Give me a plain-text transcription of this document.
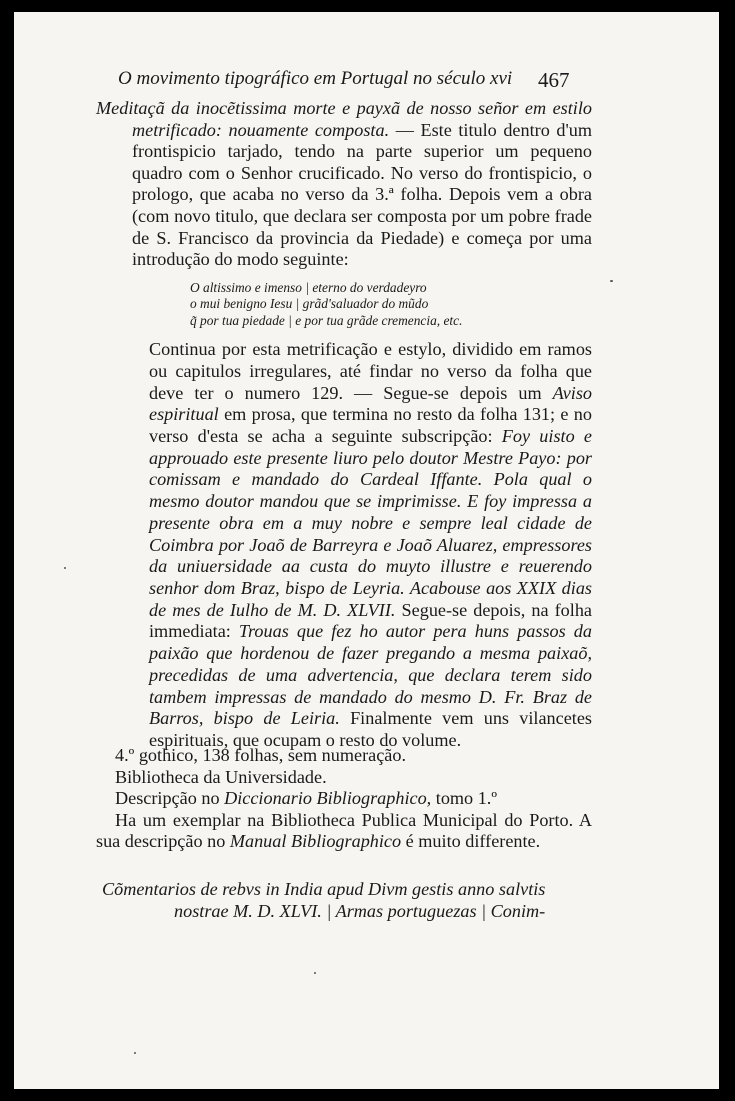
O movimento tipográfico em Portugal no século xvi 467
Meditaçã da inocẽtissima morte e payxã de nosso señor em estilo metrificado: nouamente composta. — Este titulo dentro d'um frontispicio tarjado, tendo na parte superior um pequeno quadro com o Senhor crucificado. No verso do frontispicio, o prologo, que acaba no verso da 3.ª folha. Depois vem a obra (com novo titulo, que declara ser composta por um pobre frade de S. Francisco da provincia da Piedade) e começa por uma introdução do modo seguinte:
O altissimo e imenso | eterno do verdadeyro
o mui benigno Iesu | grãd'saluador do mũdo
q̃ por tua piedade | e por tua grãde cremencia, etc.
Continua por esta metrificação e estylo, dividido em ramos ou capitulos irregulares, até findar no verso da folha que deve ter o numero 129. — Segue-se depois um Aviso espiritual em prosa, que termina no resto da folha 131; e no verso d'esta se acha a seguinte subscripção: Foy uisto e approuado este presente liuro pelo doutor Mestre Payo: por comissam e mandado do Cardeal Iffante. Pola qual o mesmo doutor mandou que se imprimisse. E foy impressa a presente obra em a muy nobre e sempre leal cidade de Coimbra por Joaõ de Barreyra e Joaõ Aluarez, empressores da uniuersidade aa custa do muyto illustre e reuerendo senhor dom Braz, bispo de Leyria. Acabouse aos XXIX dias de mes de Iulho de M. D. XLVII. Segue-se depois, na folha immediata: Trouas que fez ho autor pera huns passos da paixão que hordenou de fazer pregando a mesma paixaõ, precedidas de uma advertencia, que declara terem sido tambem impressas de mandado do mesmo D. Fr. Braz de Barros, bispo de Leiria. Finalmente vem uns vilancetes espirituais, que ocupam o resto do volume.
4.º gothico, 138 folhas, sem numeração.
Bibliotheca da Universidade.
Descripção no Diccionario Bibliographico, tomo 1.º
Ha um exemplar na Bibliotheca Publica Municipal do Porto. A sua descripção no Manual Bibliographico é muito differente.
Cõmentarios de rebvs in India apud Divm gestis anno salvtis
nostrae M. D. XLVI. | Armas portuguezas | Conim-
